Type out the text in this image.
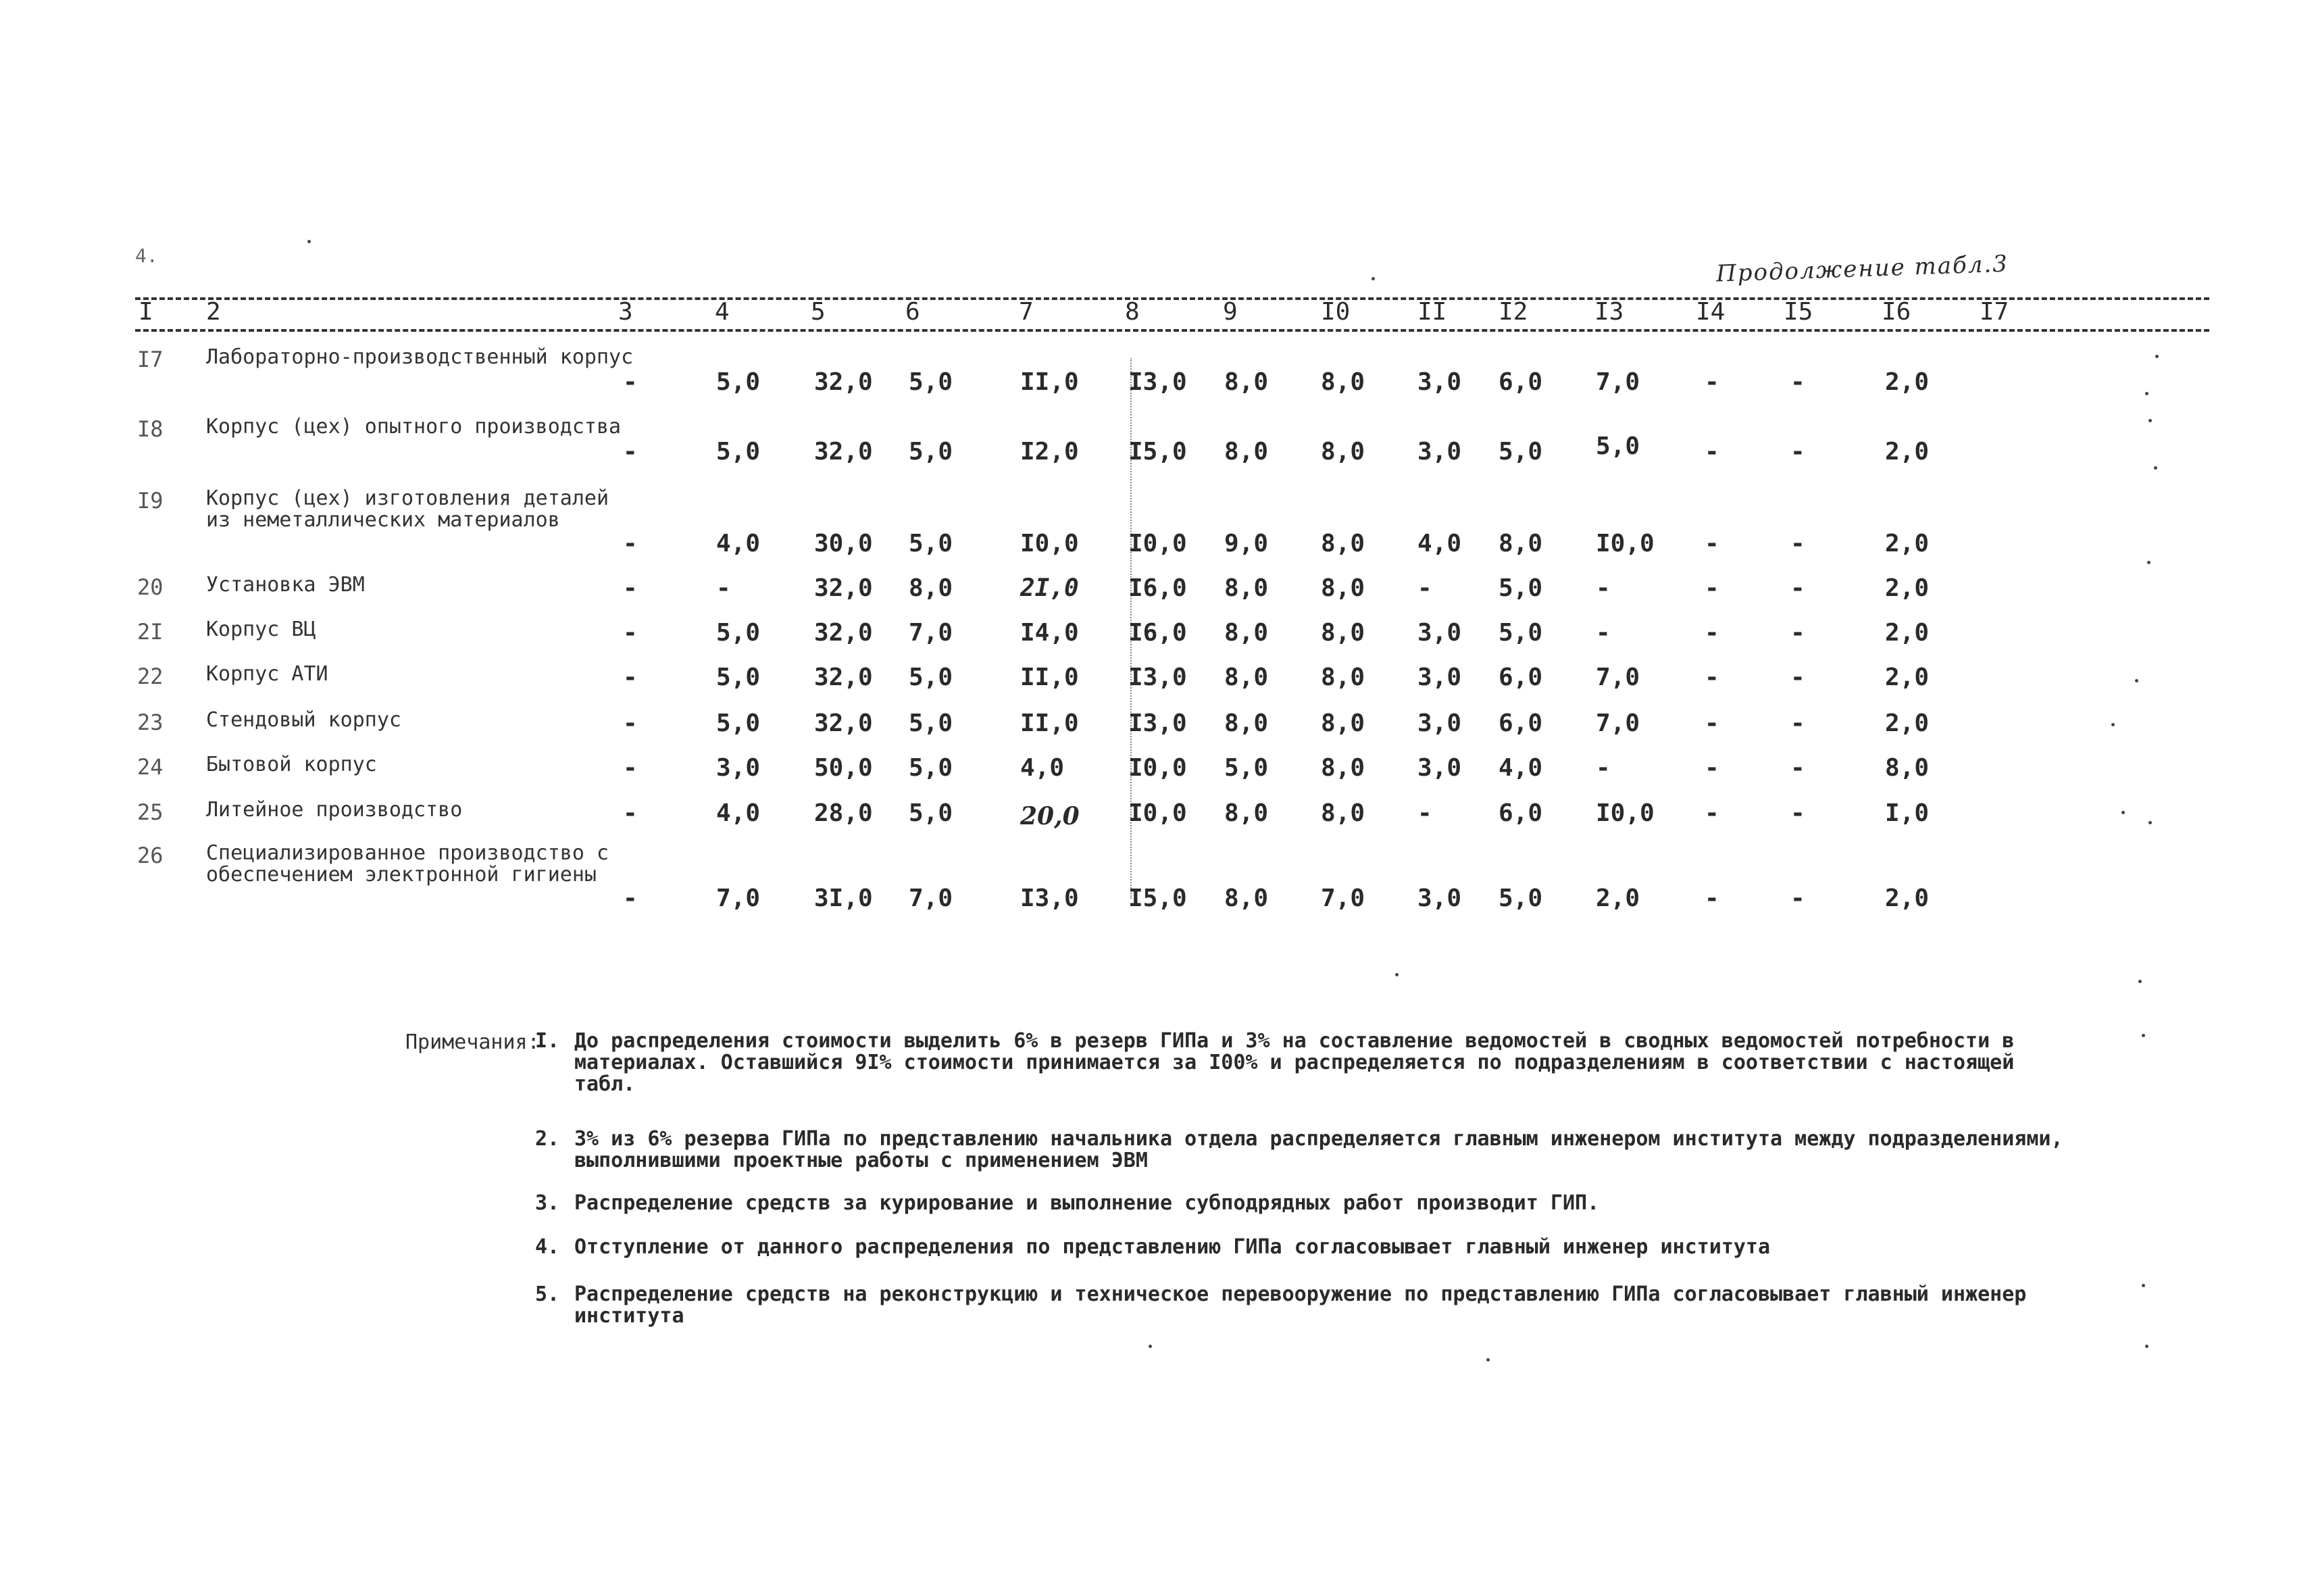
4.	Продолжение табл.3
I 2	3	4	5	6	7	8	9	I0	II I2	I3	I4 I5	I6	I7
I7 Лабораторно-производственный корпус
-	5,0 32,0 5,0	II,0 I3,0 8,0 8,0 3,0 6,0 7,0	-	-	2,0
I8 Корпус (цех) опытного производства
-	5,0 32,0 5,0	I2,0 I5,0 8,0 8,0 3,0 5,0 5,0	-	-	2,0
I9 Корпус (цех) изготовления деталей из неметаллических материалов
-	4,0 30,0 5,0	I0,0 I0,0 9,0 8,0 4,0 8,0 I0,0 -	-	2,0
20 Установка ЭВМ	-	-	32,0 8,0	2I,0 I6,0 8,0 8,0 -	5,0 -	-	-	2,0
2I Корпус ВЦ	-	5,0 32,0 7,0	I4,0 I6,0 8,0 8,0 3,0 5,0 -	-	-	2,0
22 Корпус АТИ	-	5,0 32,0 5,0	II,0 I3,0 8,0 8,0 3,0 6,0 7,0	-	-	2,0
23 Стендовый корпус	-	5,0 32,0 5,0	II,0 I3,0 8,0 8,0 3,0 6,0 7,0	-	-	2,0
24 Бытовой корпус	-	3,0 50,0 5,0	4,0	I0,0 5,0 8,0 3,0 4,0 -	-	-	8,0
25 Литейное производство	-	4,0 28,0 5,0	20,0 I0,0 8,0 8,0 -	6,0 I0,0 -	-	I,0
26 Специализированное производство с обеспечением электронной гигиены
-	7,0 3I,0 7,0	I3,0 I5,0 8,0 7,0 3,0 5,0 2,0	-	-	2,0
Примечания:
I. До распределения стоимости выделить 6% в резерв ГИПа и 3% на составление ведомостей в сводных ведомостей потребности в материалах. Оставшийся 9I% стоимости принимается за I00% и распределяется по подразделениям в соответствии с настоящей табл.
2. 3% из 6% резерва ГИПа по представлению начальника отдела распределяется главным инженером института между подразделениями, выполнившими проектные работы с применением ЭВМ
3. Распределение средств за курирование и выполнение субподрядных работ производит ГИП.
4. Отступление от данного распределения по представлению ГИПа согласовывает главный инженер института
5. Распределение средств на реконструкцию и техническое перевооружение по представлению ГИПа согласовывает главный инженер института
